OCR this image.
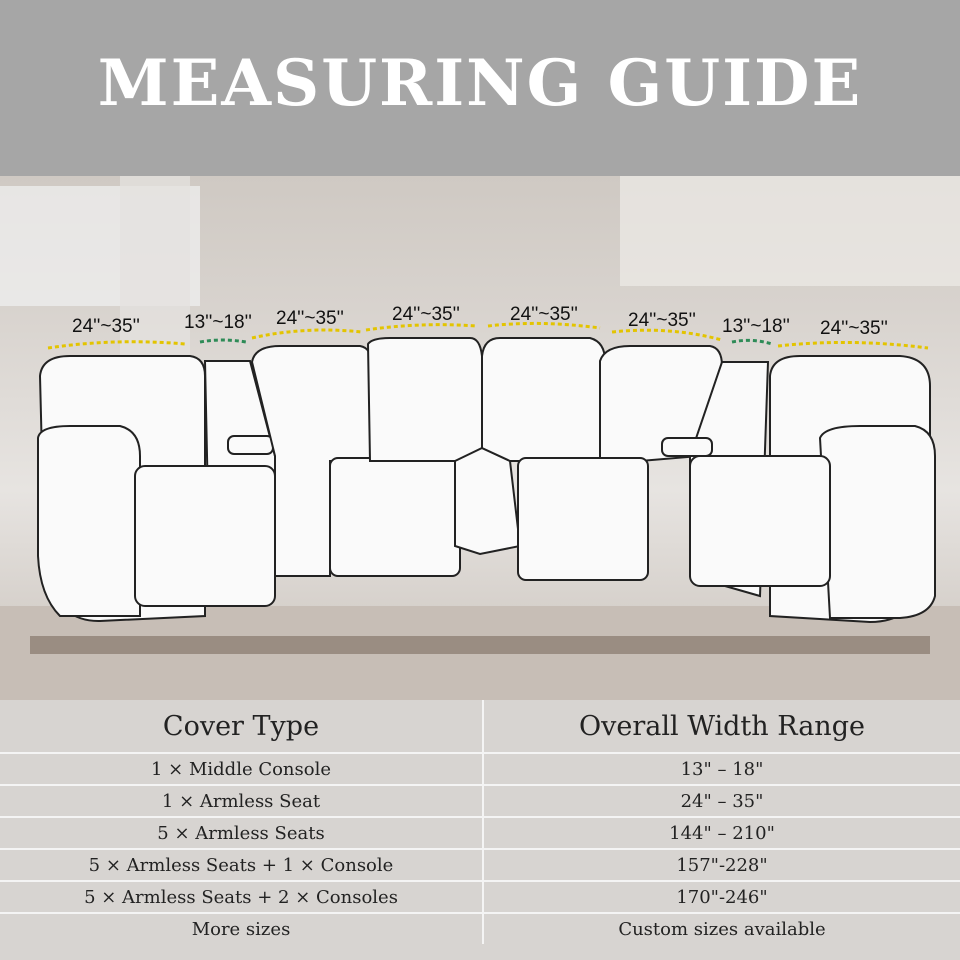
MEASURING GUIDE
24''~35'' 13''~18'' 24''~35''	24''~35''	24''~35''	24''~35'' 13''~18'' 24''~35''
Cover Type	Overall Width Range
1 × Middle Console	13" – 18"
1 × Armless Seat	24" – 35"
5 × Armless Seats	144" – 210"
5 × Armless Seats + 1 × Console	157"-228"
5 × Armless Seats + 2 × Consoles	170"-246"
More sizes	Custom sizes available
